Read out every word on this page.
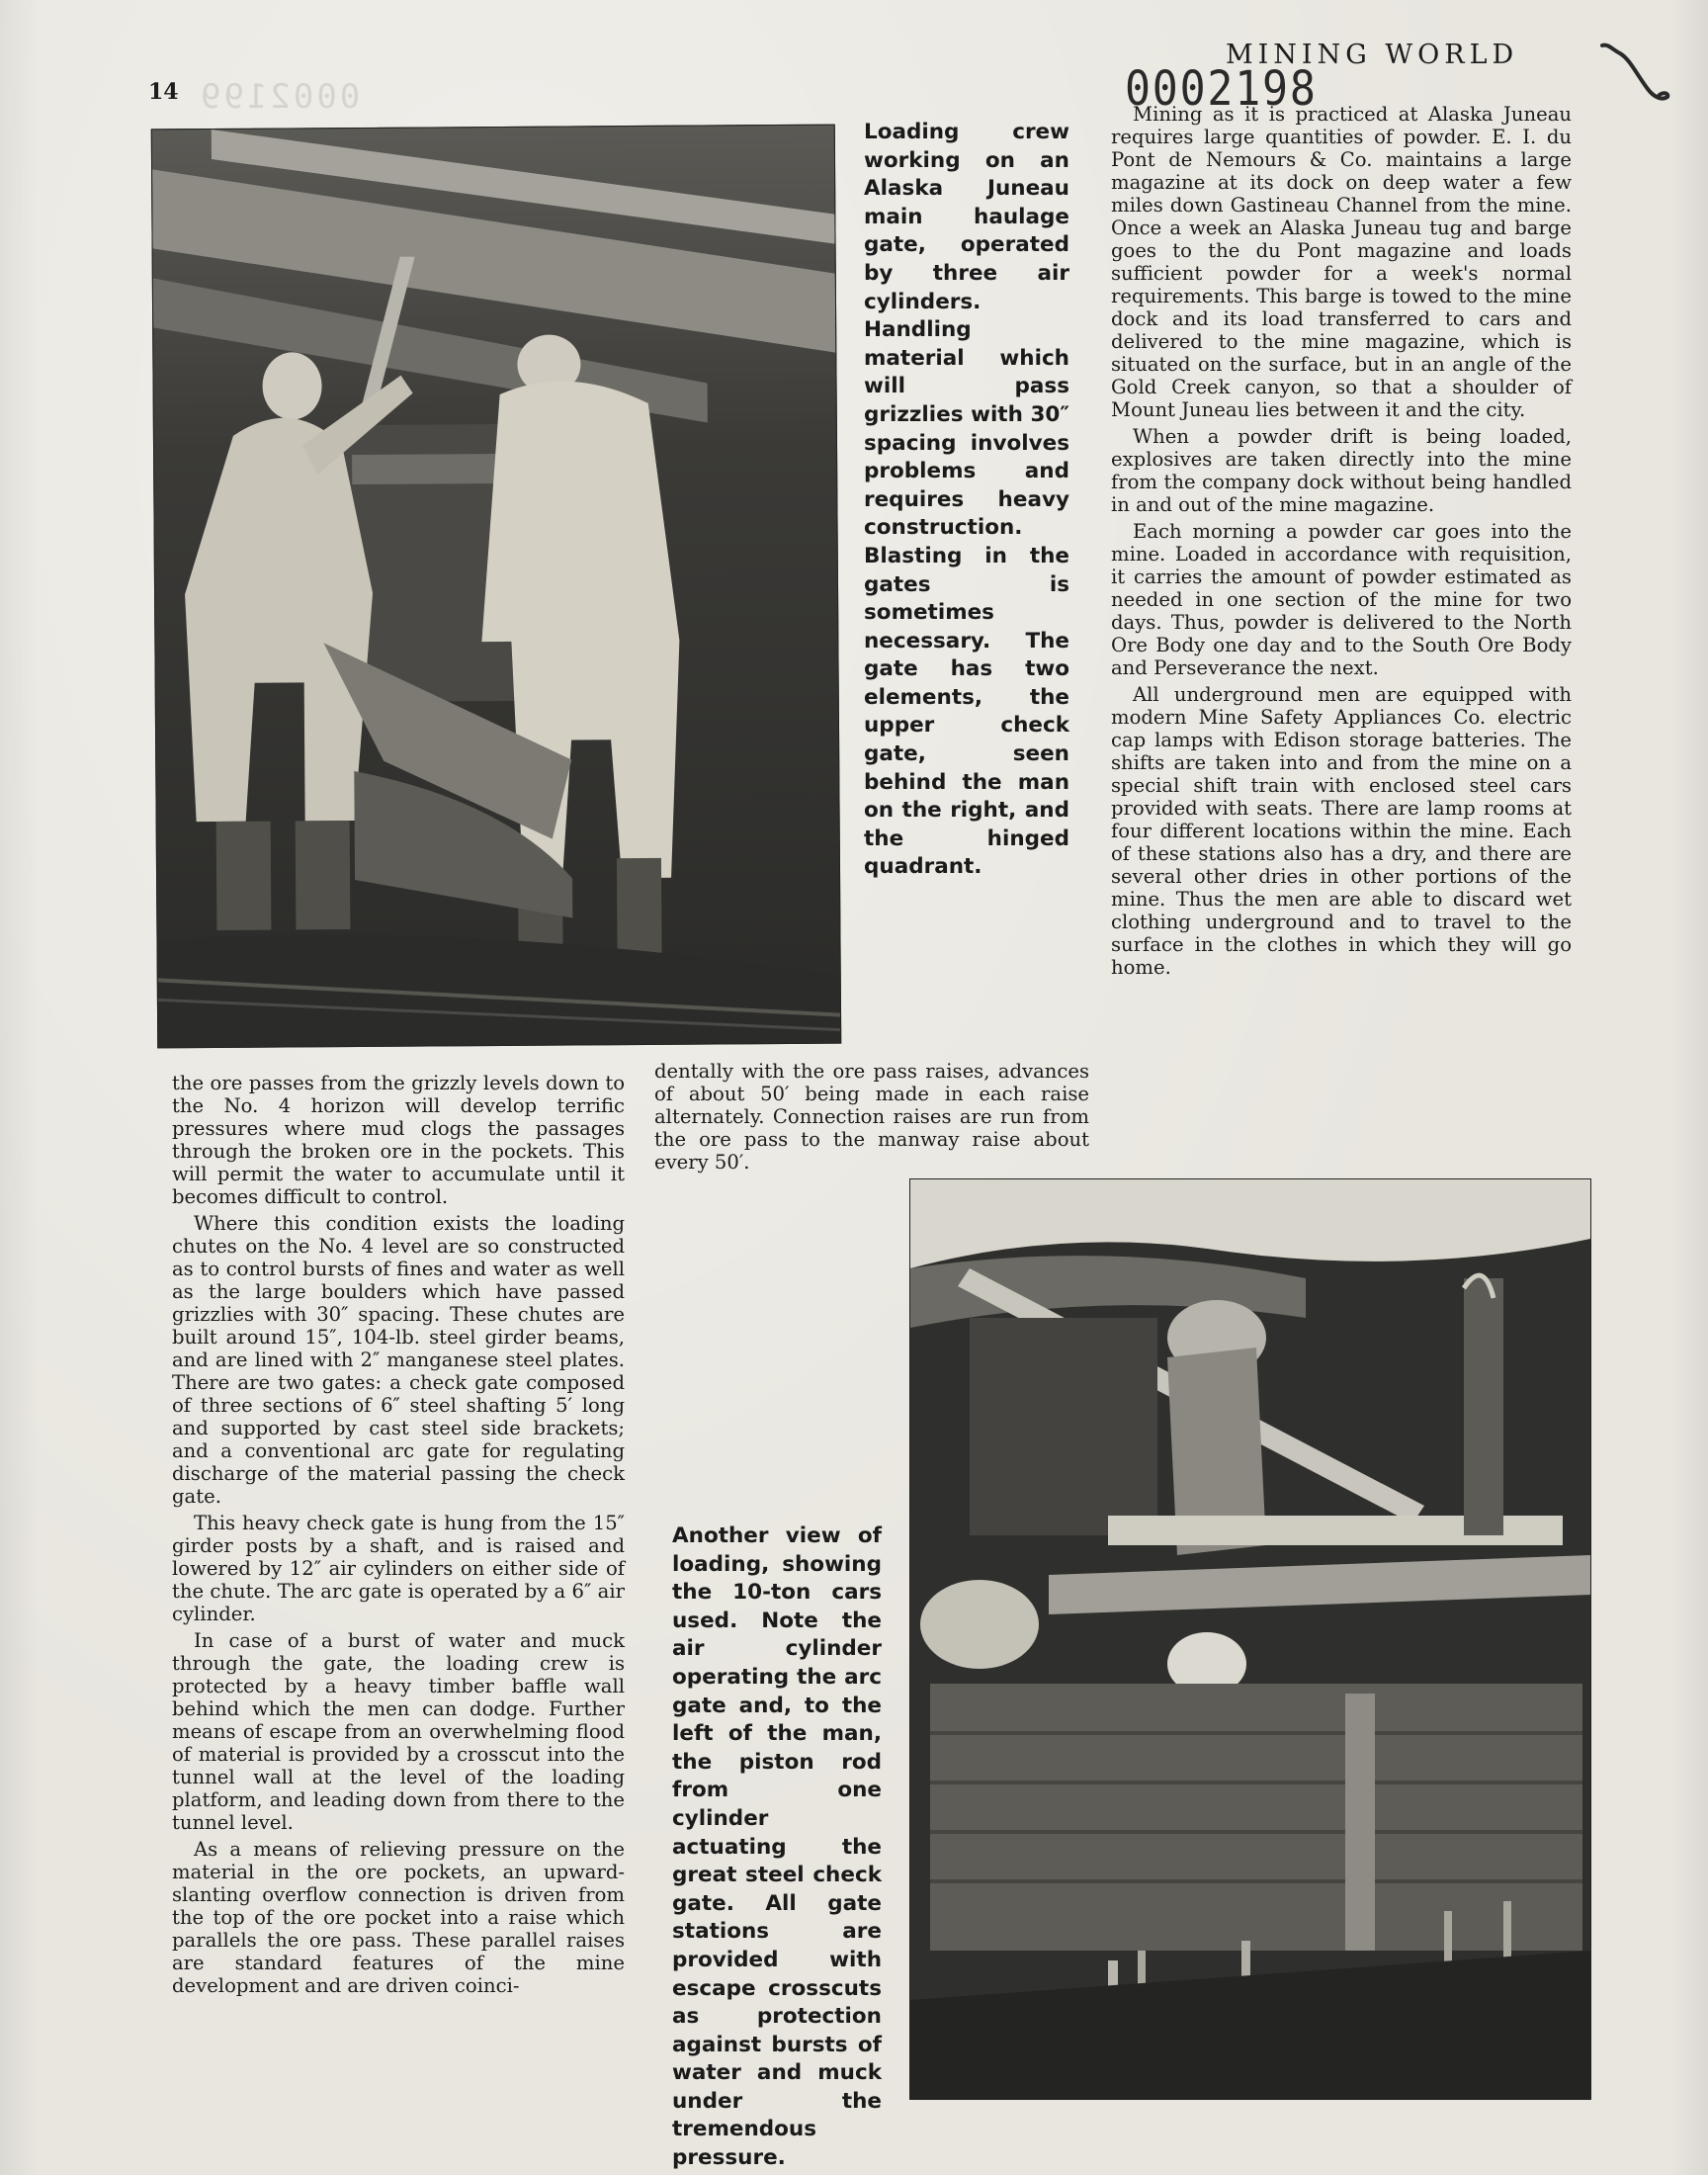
14 0002199
MINING WORLD
0002198

Loading crew working on an Alaska Juneau main haulage gate, operated by three air cylinders. Handling material which will pass grizzlies with 30″ spacing involves problems and requires heavy construction. Blasting in the gates is sometimes necessary. The gate has two elements, the upper check gate, seen behind the man on the right, and the hinged quadrant.

Mining as it is practiced at Alaska Juneau requires large quantities of powder. E. I. du Pont de Nemours & Co. maintains a large magazine at its dock on deep water a few miles down Gastineau Channel from the mine. Once a week an Alaska Juneau tug and barge goes to the du Pont magazine and loads sufficient powder for a week's normal requirements. This barge is towed to the mine dock and its load transferred to cars and delivered to the mine magazine, which is situated on the surface, but in an angle of the Gold Creek canyon, so that a shoulder of Mount Juneau lies between it and the city.

When a powder drift is being loaded, explosives are taken directly into the mine from the company dock without being handled in and out of the mine magazine.

Each morning a powder car goes into the mine. Loaded in accordance with requisition, it carries the amount of powder estimated as needed in one section of the mine for two days. Thus, powder is delivered to the North Ore Body one day and to the South Ore Body and Perseverance the next.

All underground men are equipped with modern Mine Safety Appliances Co. electric cap lamps with Edison storage batteries. The shifts are taken into and from the mine on a special shift train with enclosed steel cars provided with seats. There are lamp rooms at four different locations within the mine. Each of these stations also has a dry, and there are several other dries in other portions of the mine. Thus the men are able to discard wet clothing underground and to travel to the surface in the clothes in which they will go home.

the ore passes from the grizzly levels down to the No. 4 horizon will develop terrific pressures where mud clogs the passages through the broken ore in the pockets. This will permit the water to accumulate until it becomes difficult to control.

Where this condition exists the loading chutes on the No. 4 level are so constructed as to control bursts of fines and water as well as the large boulders which have passed grizzlies with 30″ spacing. These chutes are built around 15″, 104-lb. steel girder beams, and are lined with 2″ manganese steel plates. There are two gates: a check gate composed of three sections of 6″ steel shafting 5′ long and supported by cast steel side brackets; and a conventional arc gate for regulating discharge of the material passing the check gate.

This heavy check gate is hung from the 15″ girder posts by a shaft, and is raised and lowered by 12″ air cylinders on either side of the chute. The arc gate is operated by a 6″ air cylinder.

In case of a burst of water and muck through the gate, the loading crew is protected by a heavy timber baffle wall behind which the men can dodge. Further means of escape from an overwhelming flood of material is provided by a crosscut into the tunnel wall at the level of the loading platform, and leading down from there to the tunnel level.

As a means of relieving pressure on the material in the ore pockets, an upward-slanting overflow connection is driven from the top of the ore pocket into a raise which parallels the ore pass. These parallel raises are standard features of the mine development and are driven coinci-

dentally with the ore pass raises, advances of about 50′ being made in each raise alternately. Connection raises are run from the ore pass to the manway raise about every 50′.

Another view of loading, showing the 10-ton cars used. Note the air cylinder operating the arc gate and, to the left of the man, the piston rod from one cylinder actuating the great steel check gate. All gate stations are provided with escape crosscuts as protection against bursts of water and muck under the tremendous pressure.
